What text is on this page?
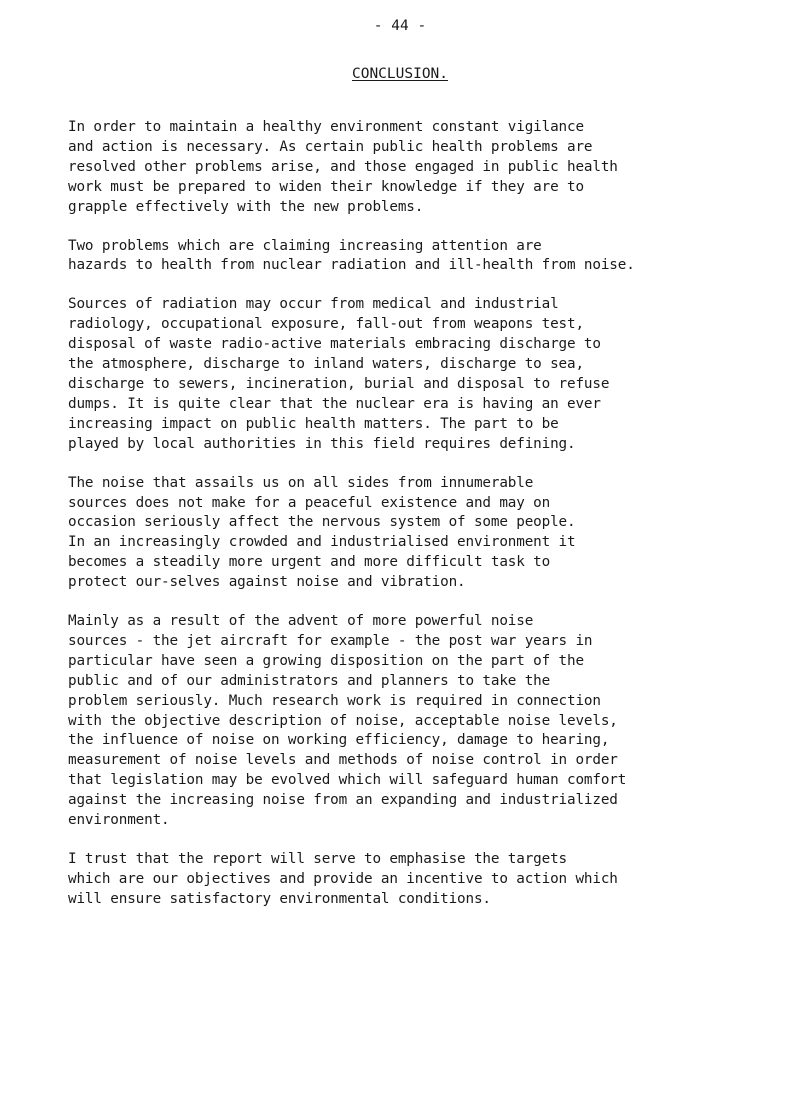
- 44 -
CONCLUSION.

In order to maintain a healthy environment constant vigilance
and action is necessary. As certain public health problems are
resolved other problems arise, and those engaged in public health
work must be prepared to widen their knowledge if they are to
grapple effectively with the new problems.

Two problems which are claiming increasing attention are
hazards to health from nuclear radiation and ill-health from noise.

Sources of radiation may occur from medical and industrial
radiology, occupational exposure, fall-out from weapons test,
disposal of waste radio-active materials embracing discharge to
the atmosphere, discharge to inland waters, discharge to sea,
discharge to sewers, incineration, burial and disposal to refuse
dumps. It is quite clear that the nuclear era is having an ever
increasing impact on public health matters. The part to be
played by local authorities in this field requires defining.

The noise that assails us on all sides from innumerable
sources does not make for a peaceful existence and may on
occasion seriously affect the nervous system of some people.
In an increasingly crowded and industrialised environment it
becomes a steadily more urgent and more difficult task to
protect our-selves against noise and vibration.

Mainly as a result of the advent of more powerful noise
sources - the jet aircraft for example - the post war years in
particular have seen a growing disposition on the part of the
public and of our administrators and planners to take the
problem seriously. Much research work is required in connection
with the objective description of noise, acceptable noise levels,
the influence of noise on working efficiency, damage to hearing,
measurement of noise levels and methods of noise control in order
that legislation may be evolved which will safeguard human comfort
against the increasing noise from an expanding and industrialized
environment.

I trust that the report will serve to emphasise the targets
which are our objectives and provide an incentive to action which
will ensure satisfactory environmental conditions.
